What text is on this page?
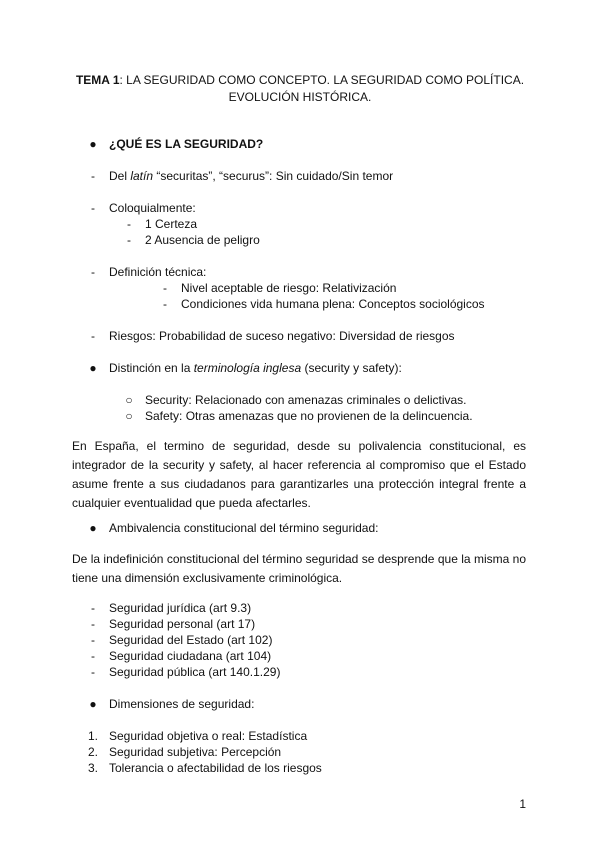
TEMA 1: LA SEGURIDAD COMO CONCEPTO. LA SEGURIDAD COMO POLÍTICA.
EVOLUCIÓN HISTÓRICA.
● ¿QUÉ ES LA SEGURIDAD?
-	Del latín “securitas”, “securus”: Sin cuidado/Sin temor
-	Coloquialmente:
-	1 Certeza
-	2 Ausencia de peligro
-	Definición técnica:
-	Nivel aceptable de riesgo: Relativización
-	Condiciones vida humana plena: Conceptos sociológicos
-	Riesgos: Probabilidad de suceso negativo: Diversidad de riesgos
● Distinción en la terminología inglesa (security y safety):
○ Security: Relacionado con amenazas criminales o delictivas.
○ Safety: Otras amenazas que no provienen de la delincuencia.
En España, el termino de seguridad, desde su polivalencia constitucional, es integrador de la security y safety, al hacer referencia al compromiso que el Estado asume frente a sus ciudadanos para garantizarles una protección integral frente a cualquier eventualidad que pueda afectarles.
● Ambivalencia constitucional del término seguridad:
De la indefinición constitucional del término seguridad se desprende que la misma no tiene una dimensión exclusivamente criminológica.
-	Seguridad jurídica (art 9.3)
-	Seguridad personal (art 17)
-	Seguridad del Estado (art 102)
-	Seguridad ciudadana (art 104)
-	Seguridad pública (art 140.1.29)
● Dimensiones de seguridad:
1. Seguridad objetiva o real: Estadística
2. Seguridad subjetiva: Percepción
3. Tolerancia o afectabilidad de los riesgos
1
